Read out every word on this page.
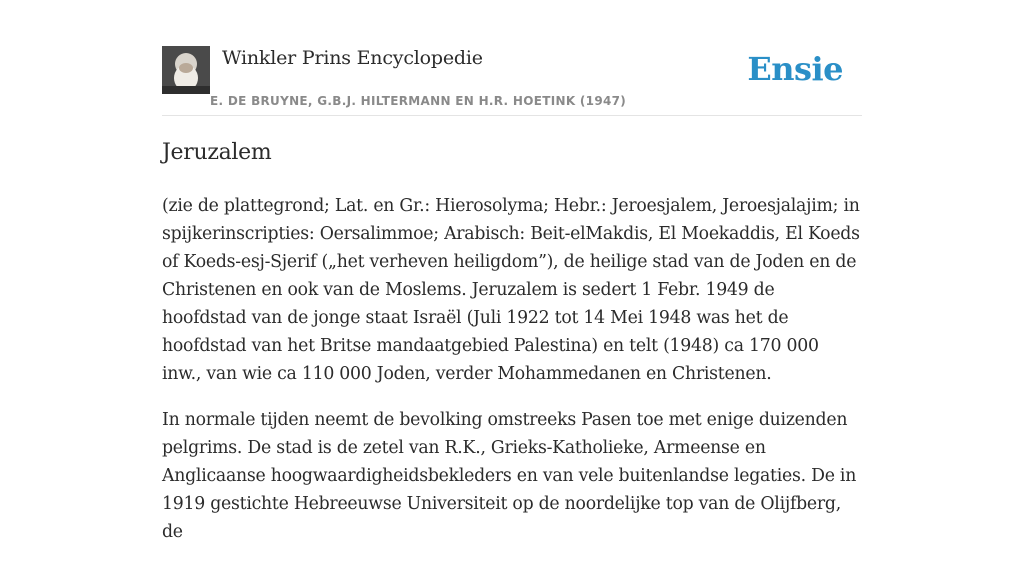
Winkler Prins Encyclopedie
E. DE BRUYNE, G.B.J. HILTERMANN EN H.R. HOETINK (1947)
Ensie
Jeruzalem

(zie de plattegrond; Lat. en Gr.: Hierosolyma; Hebr.: Jeroesjalem, Jeroesjalajim; in spijkerinscripties: Oersalimmoe; Arabisch: Beit-elMakdis, El Moekaddis, El Koeds of Koeds-esj-Sjerif („het verheven heiligdom”), de heilige stad van de Joden en de Christenen en ook van de Moslems. Jeruzalem is sedert 1 Febr. 1949 de hoofdstad van de jonge staat Israël (Juli 1922 tot 14 Mei 1948 was het de hoofdstad van het Britse mandaatgebied Palestina) en telt (1948) ca 170 000 inw., van wie ca 110 000 Joden, verder Mohammedanen en Christenen.

In normale tijden neemt de bevolking omstreeks Pasen toe met enige duizenden pelgrims. De stad is de zetel van R.K., Grieks-Katholieke, Armeense en Anglicaanse hoogwaardigheidsbekleders en van vele buitenlandse legaties. De in 1919 gestichte Hebreeuwse Universiteit op de noordelijke top van de Olijfberg, de
